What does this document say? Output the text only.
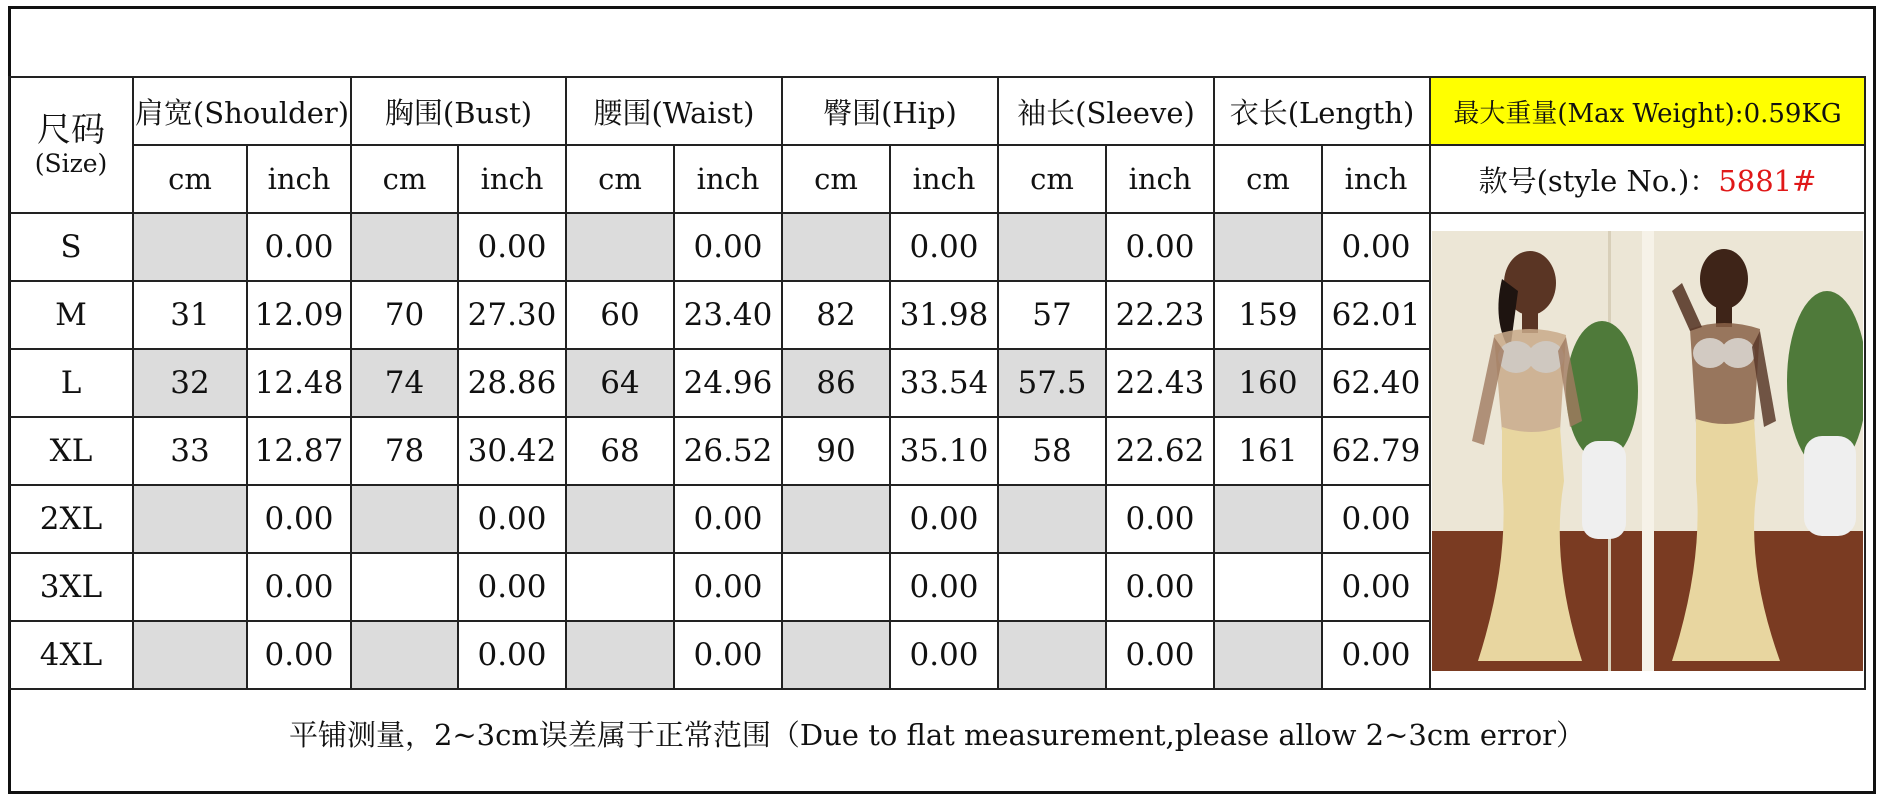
尺码
(Size)	肩宽(Shoulder)		胸围(Bust)		腰围(Waist)		臀围(Hip)		袖长(Sleeve)		衣长(Length)		最大重量(Max Weight):0.59KG
	cm	inch	cm	inch	cm	inch	cm	inch	cm	inch	cm	inch	款号(style No.)：5881#
S		0.00		0.00		0.00		0.00		0.00		0.00	

M	31	12.09	70	27.30	60	23.40	82	31.98	57	22.23	159	62.01	
L	32	12.48	74	28.86	64	24.96	86	33.54	57.5	22.43	160	62.40	
XL	33	12.87	78	30.42	68	26.52	90	35.10	58	22.62	161	62.79	
2XL		0.00		0.00		0.00		0.00		0.00		0.00	
3XL		0.00		0.00		0.00		0.00		0.00		0.00	
4XL		0.00		0.00		0.00		0.00		0.00		0.00	
平铺测量，2~3cm误差属于正常范围（Due to flat measurement,please allow 2~3cm error）													
